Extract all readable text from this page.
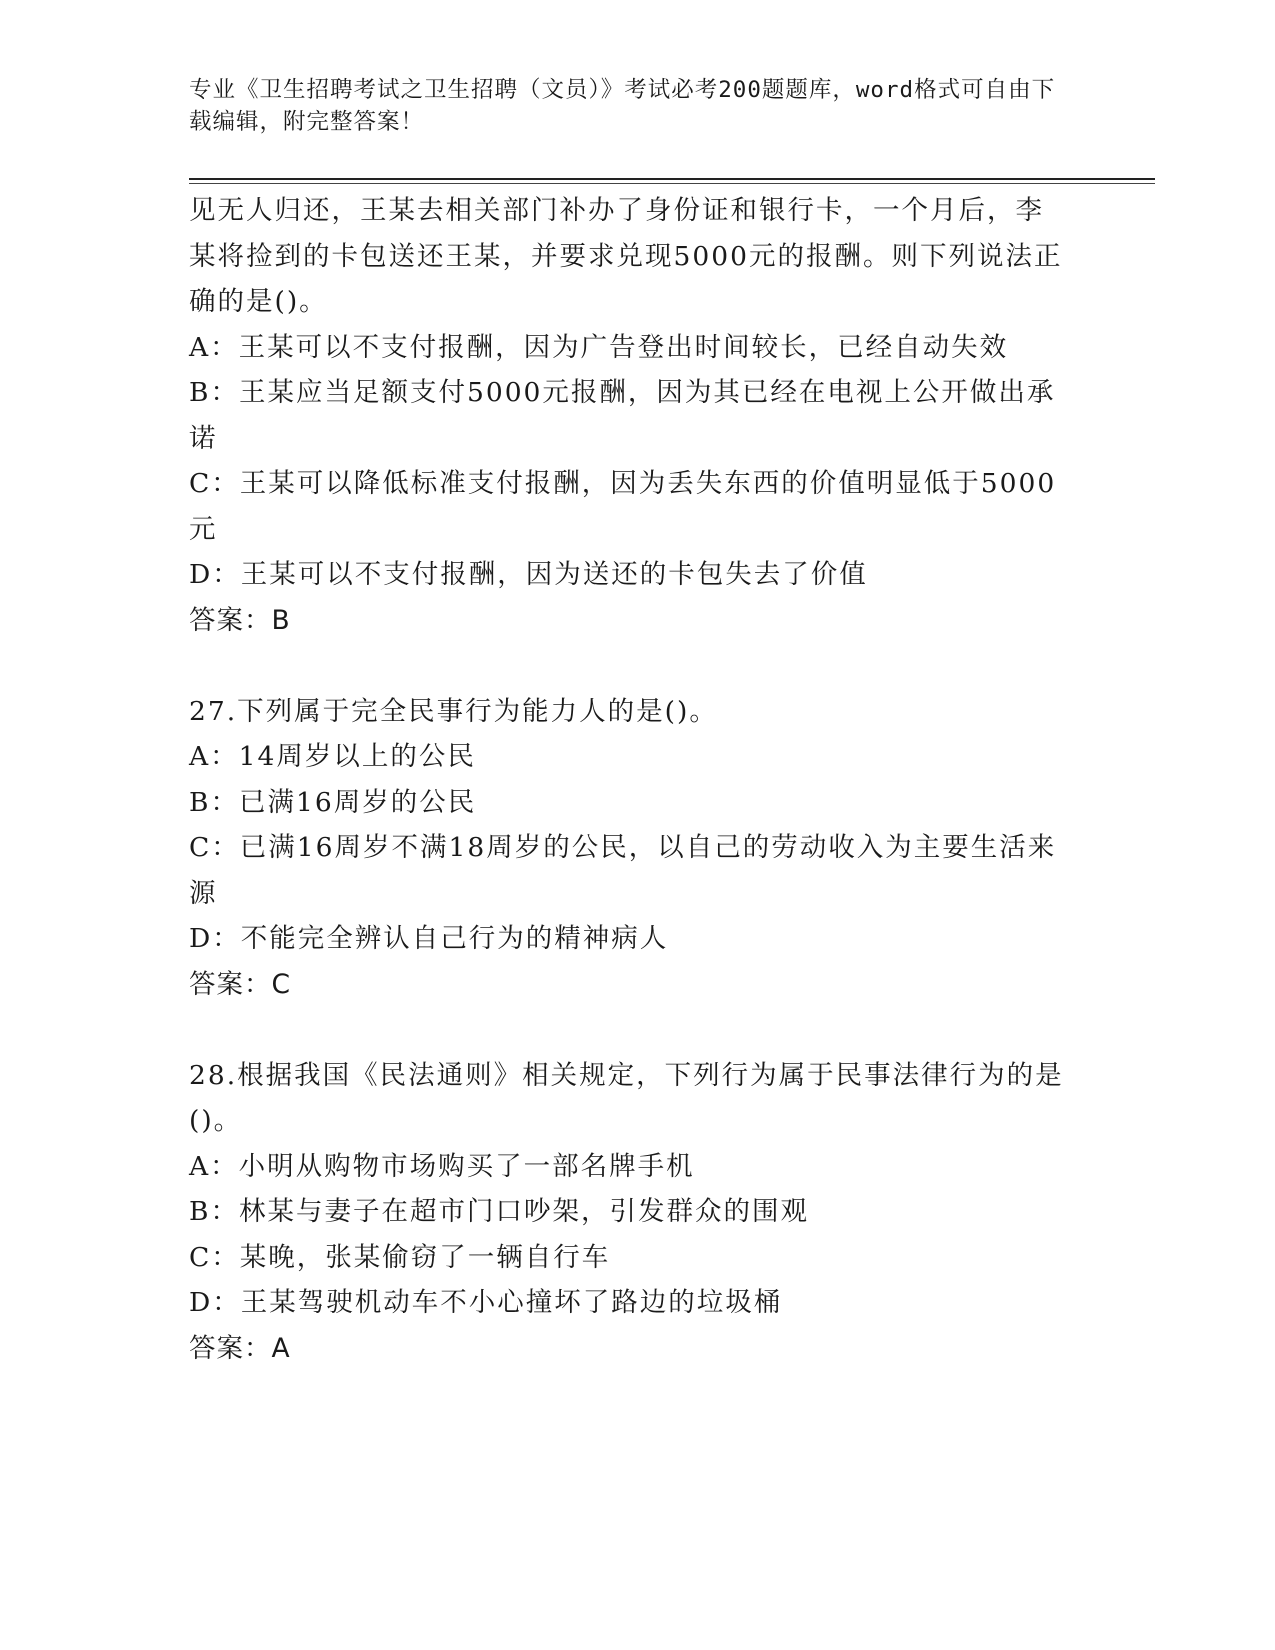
专业《卫生招聘考试之卫生招聘（文员）》考试必考200题题库，word格式可自由下载编辑，附完整答案！

见无人归还，王某去相关部门补办了身份证和银行卡，一个月后，李某将捡到的卡包送还王某，并要求兑现5000元的报酬。则下列说法正确的是()。

A：王某可以不支付报酬，因为广告登出时间较长，已经自动失效

B：王某应当足额支付5000元报酬，因为其已经在电视上公开做出承诺

C：王某可以降低标准支付报酬，因为丢失东西的价值明显低于5000元

D：王某可以不支付报酬，因为送还的卡包失去了价值

答案：B

27.下列属于完全民事行为能力人的是()。

A：14周岁以上的公民

B：已满16周岁的公民

C：已满16周岁不满18周岁的公民，以自己的劳动收入为主要生活来源

D：不能完全辨认自己行为的精神病人

答案：C

28.根据我国《民法通则》相关规定，下列行为属于民事法律行为的是()。

A：小明从购物市场购买了一部名牌手机

B：林某与妻子在超市门口吵架，引发群众的围观

C：某晚，张某偷窃了一辆自行车

D：王某驾驶机动车不小心撞坏了路边的垃圾桶

答案：A
